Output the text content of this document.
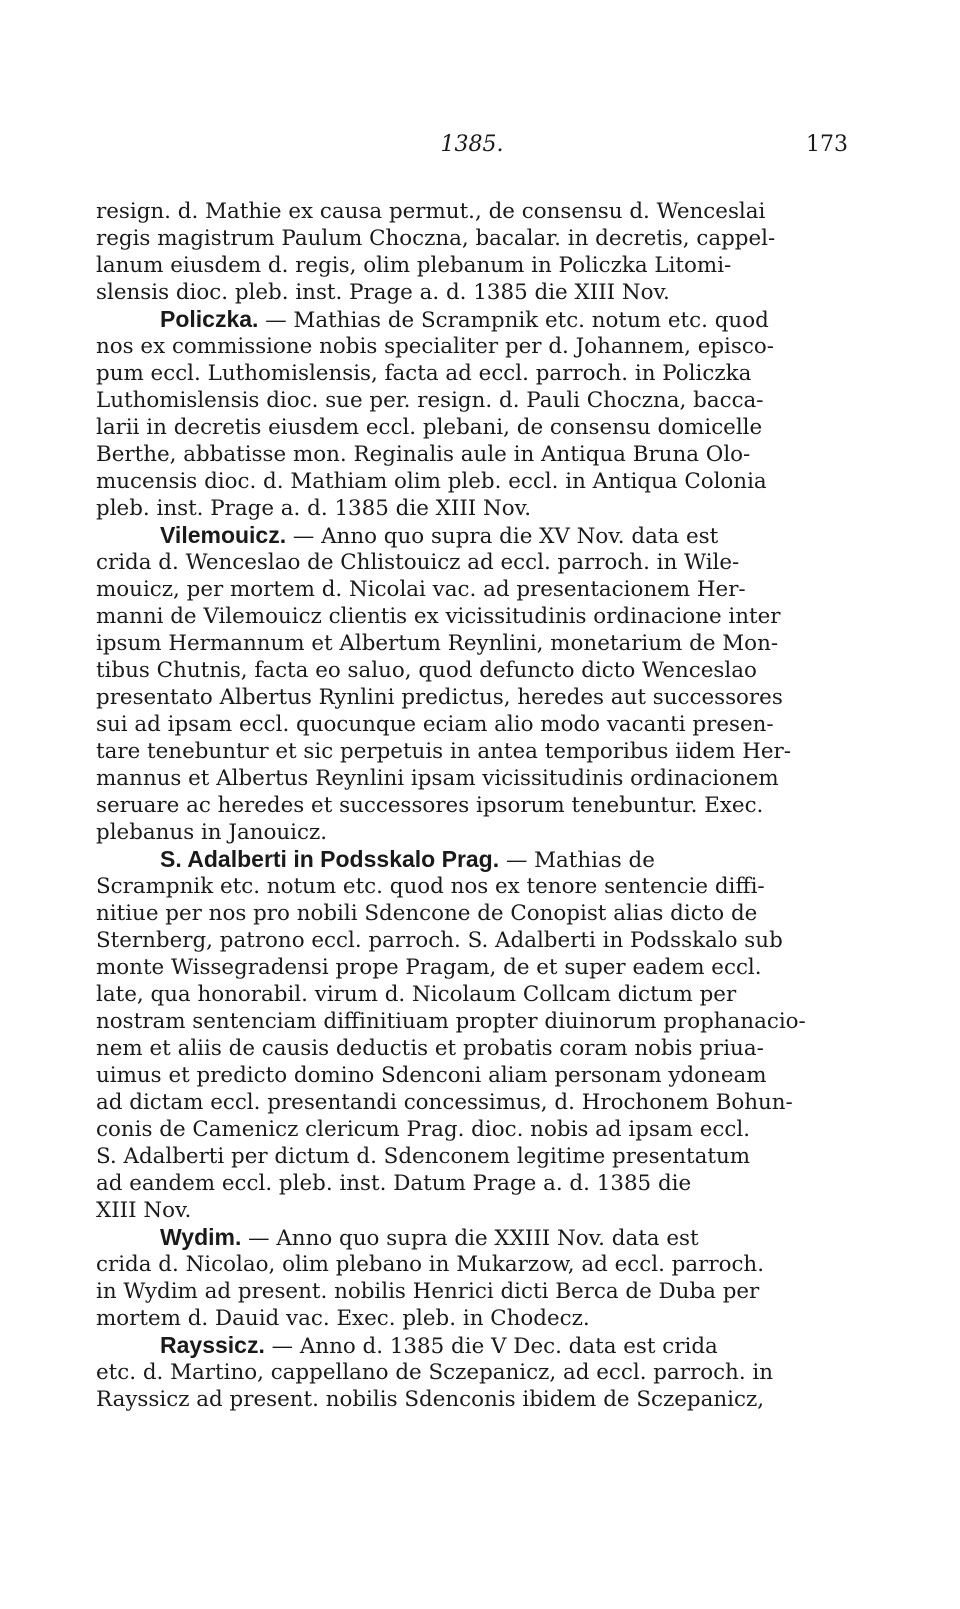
1385.	173
resign. d. Mathie ex causa permut., de consensu d. Wenceslai
regis magistrum Paulum Choczna, bacalar. in decretis, cappel-
lanum eiusdem d. regis, olim plebanum in Policzka Litomi-
slensis dioc. pleb. inst. Prage a. d. 1385 die XIII Nov.
Policzka. — Mathias de Scrampnik etc. notum etc. quod
nos ex commissione nobis specialiter per d. Johannem, episco-
pum eccl. Luthomislensis, facta ad eccl. parroch. in Policzka
Luthomislensis dioc. sue per. resign. d. Pauli Choczna, bacca-
larii in decretis eiusdem eccl. plebani, de consensu domicelle
Berthe, abbatisse mon. Reginalis aule in Antiqua Bruna Olo-
mucensis dioc. d. Mathiam olim pleb. eccl. in Antiqua Colonia
pleb. inst. Prage a. d. 1385 die XIII Nov.
Vilemouicz. — Anno quo supra die XV Nov. data est
crida d. Wenceslao de Chlistouicz ad eccl. parroch. in Wile-
mouicz, per mortem d. Nicolai vac. ad presentacionem Her-
manni de Vilemouicz clientis ex vicissitudinis ordinacione inter
ipsum Hermannum et Albertum Reynlini, monetarium de Mon-
tibus Chutnis, facta eo saluo, quod defuncto dicto Wenceslao
presentato Albertus Rynlini predictus, heredes aut successores
sui ad ipsam eccl. quocunque eciam alio modo vacanti presen-
tare tenebuntur et sic perpetuis in antea temporibus iidem Her-
mannus et Albertus Reynlini ipsam vicissitudinis ordinacionem
seruare ac heredes et successores ipsorum tenebuntur. Exec.
plebanus in Janouicz.
S. Adalberti in Podsskalo Prag. — Mathias de
Scrampnik etc. notum etc. quod nos ex tenore sentencie diffi-
nitiue per nos pro nobili Sdencone de Conopist alias dicto de
Sternberg, patrono eccl. parroch. S. Adalberti in Podsskalo sub
monte Wissegradensi prope Pragam, de et super eadem eccl.
late, qua honorabil. virum d. Nicolaum Collcam dictum per
nostram sentenciam diffinitiuam propter diuinorum prophanacio-
nem et aliis de causis deductis et probatis coram nobis priua-
uimus et predicto domino Sdenconi aliam personam ydoneam
ad dictam eccl. presentandi concessimus, d. Hrochonem Bohun-
conis de Camenicz clericum Prag. dioc. nobis ad ipsam eccl.
S. Adalberti per dictum d. Sdenconem legitime presentatum
ad eandem eccl. pleb. inst. Datum Prage a. d. 1385 die
XIII Nov.
Wydim. — Anno quo supra die XXIII Nov. data est
crida d. Nicolao, olim plebano in Mukarzow, ad eccl. parroch.
in Wydim ad present. nobilis Henrici dicti Berca de Duba per
mortem d. Dauid vac. Exec. pleb. in Chodecz.
Rayssicz. — Anno d. 1385 die V Dec. data est crida
etc. d. Martino, cappellano de Sczepanicz, ad eccl. parroch. in
Rayssicz ad present. nobilis Sdenconis ibidem de Sczepanicz,
